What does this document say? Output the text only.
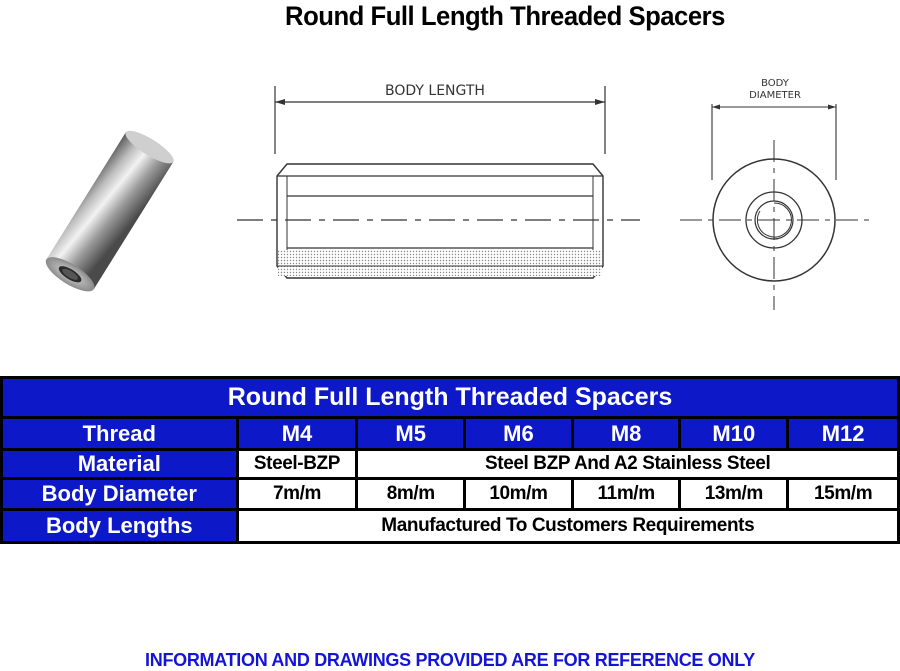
Round Full Length Threaded Spacers
BODY LENGTH	BODY
DIAMETER
Round Full Length Threaded Spacers						
Thread	M4	M5	M6	M8	M10	M12
Material	Steel-BZP	Steel BZP And A2 Stainless Steel				
Body Diameter	7m/m	8m/m	10m/m	11m/m	13m/m	15m/m
Body Lengths	Manufactured To Customers Requirements					
INFORMATION AND DRAWINGS PROVIDED ARE FOR REFERENCE ONLY
